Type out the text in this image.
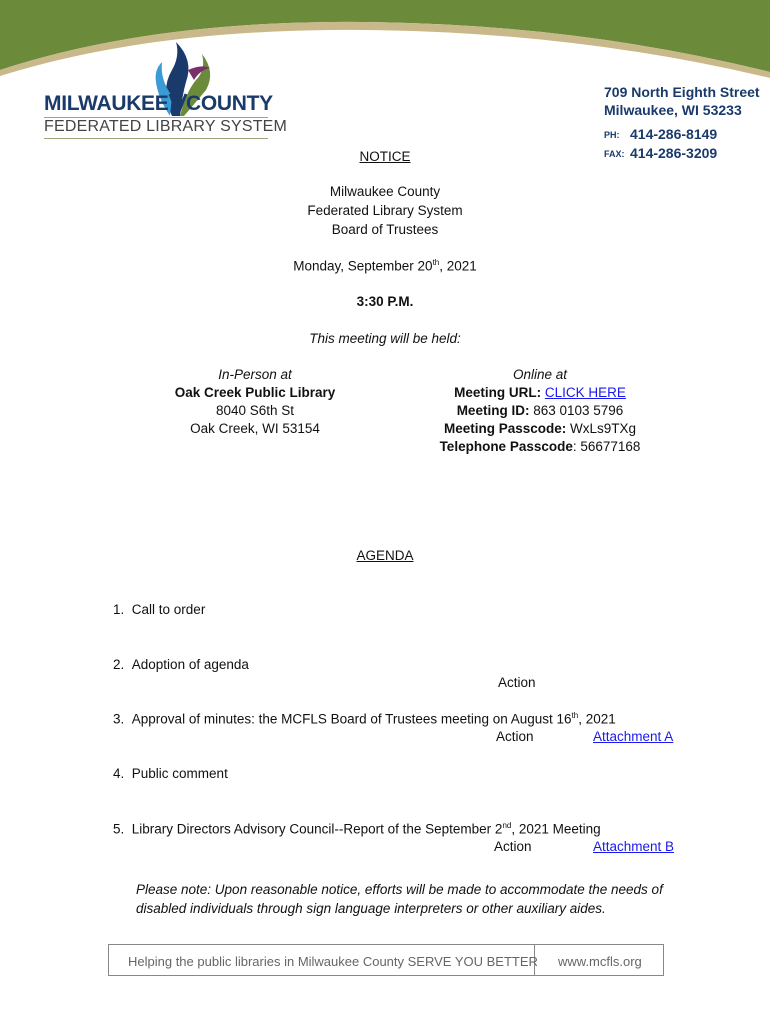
MILWAUKEE COUNTY
FEDERATED LIBRARY SYSTEM
709 North Eighth Street
Milwaukee, WI 53233
PH: 414-286-8149
FAX: 414-286-3209
NOTICE
Milwaukee County
Federated Library System
Board of Trustees
Monday, September 20th, 2021
3:30 P.M.
This meeting will be held:
In-Person at
Oak Creek Public Library
8040 S6th St
Oak Creek, WI 53154
Online at
Meeting URL: CLICK HERE
Meeting ID: 863 0103 5796
Meeting Passcode: WxLs9TXg
Telephone Passcode: 56677168
AGENDA
1. Call to order
2. Adoption of agenda
Action
3. Approval of minutes: the MCFLS Board of Trustees meeting on August 16th, 2021
Action	Attachment A
4. Public comment
5. Library Directors Advisory Council--Report of the September 2nd, 2021 Meeting
Action	Attachment B
Please note: Upon reasonable notice, efforts will be made to accommodate the needs of
disabled individuals through sign language interpreters or other auxiliary aides.
Helping the public libraries in Milwaukee County SERVE YOU BETTER www.mcfls.org
